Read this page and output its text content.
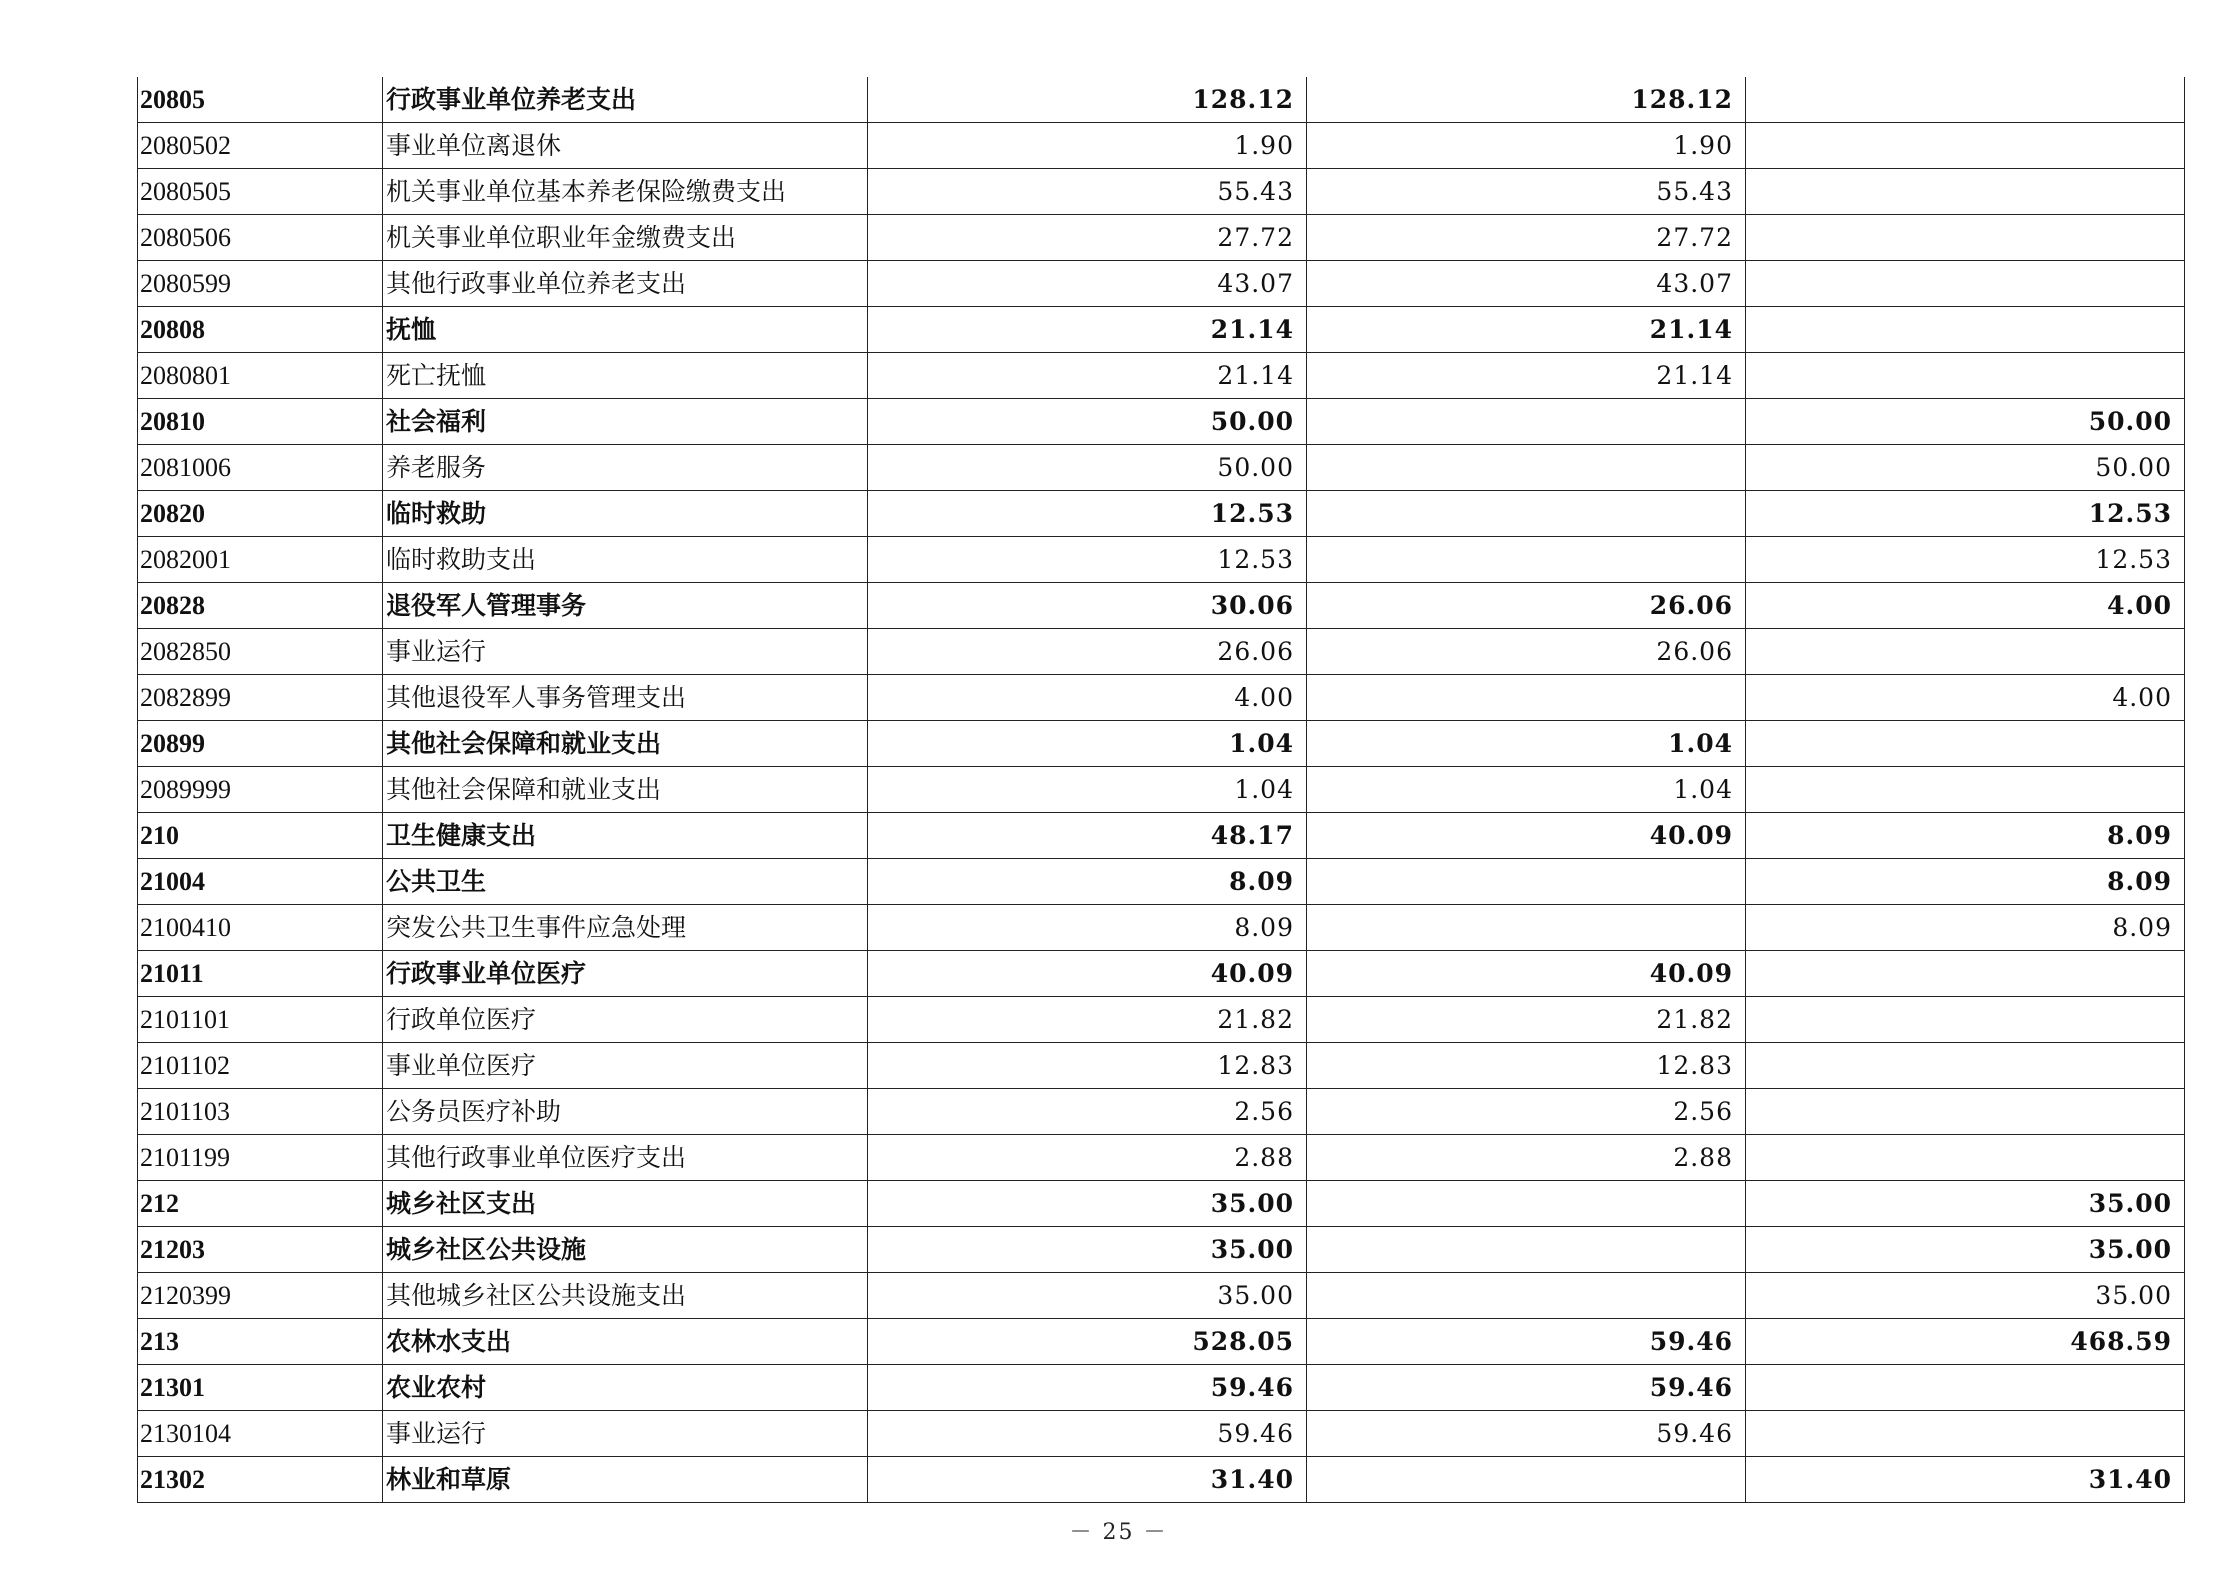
20805	行政事业单位养老支出	128.12	128.12	
2080502	事业单位离退休	1.90	1.90	
2080505	机关事业单位基本养老保险缴费支出	55.43	55.43	
2080506	机关事业单位职业年金缴费支出	27.72	27.72	
2080599	其他行政事业单位养老支出	43.07	43.07	
20808	抚恤	21.14	21.14	
2080801	死亡抚恤	21.14	21.14	
20810	社会福利	50.00		50.00
2081006	养老服务	50.00		50.00
20820	临时救助	12.53		12.53
2082001	临时救助支出	12.53		12.53
20828	退役军人管理事务	30.06	26.06	4.00
2082850	事业运行	26.06	26.06	
2082899	其他退役军人事务管理支出	4.00		4.00
20899	其他社会保障和就业支出	1.04	1.04	
2089999	其他社会保障和就业支出	1.04	1.04	
210	卫生健康支出	48.17	40.09	8.09
21004	公共卫生	8.09		8.09
2100410	突发公共卫生事件应急处理	8.09		8.09
21011	行政事业单位医疗	40.09	40.09	
2101101	行政单位医疗	21.82	21.82	
2101102	事业单位医疗	12.83	12.83	
2101103	公务员医疗补助	2.56	2.56	
2101199	其他行政事业单位医疗支出	2.88	2.88	
212	城乡社区支出	35.00		35.00
21203	城乡社区公共设施	35.00		35.00
2120399	其他城乡社区公共设施支出	35.00		35.00
213	农林水支出	528.05	59.46	468.59
21301	农业农村	59.46	59.46	
2130104	事业运行	59.46	59.46	
21302	林业和草原	31.40		31.40
－ 25 －
